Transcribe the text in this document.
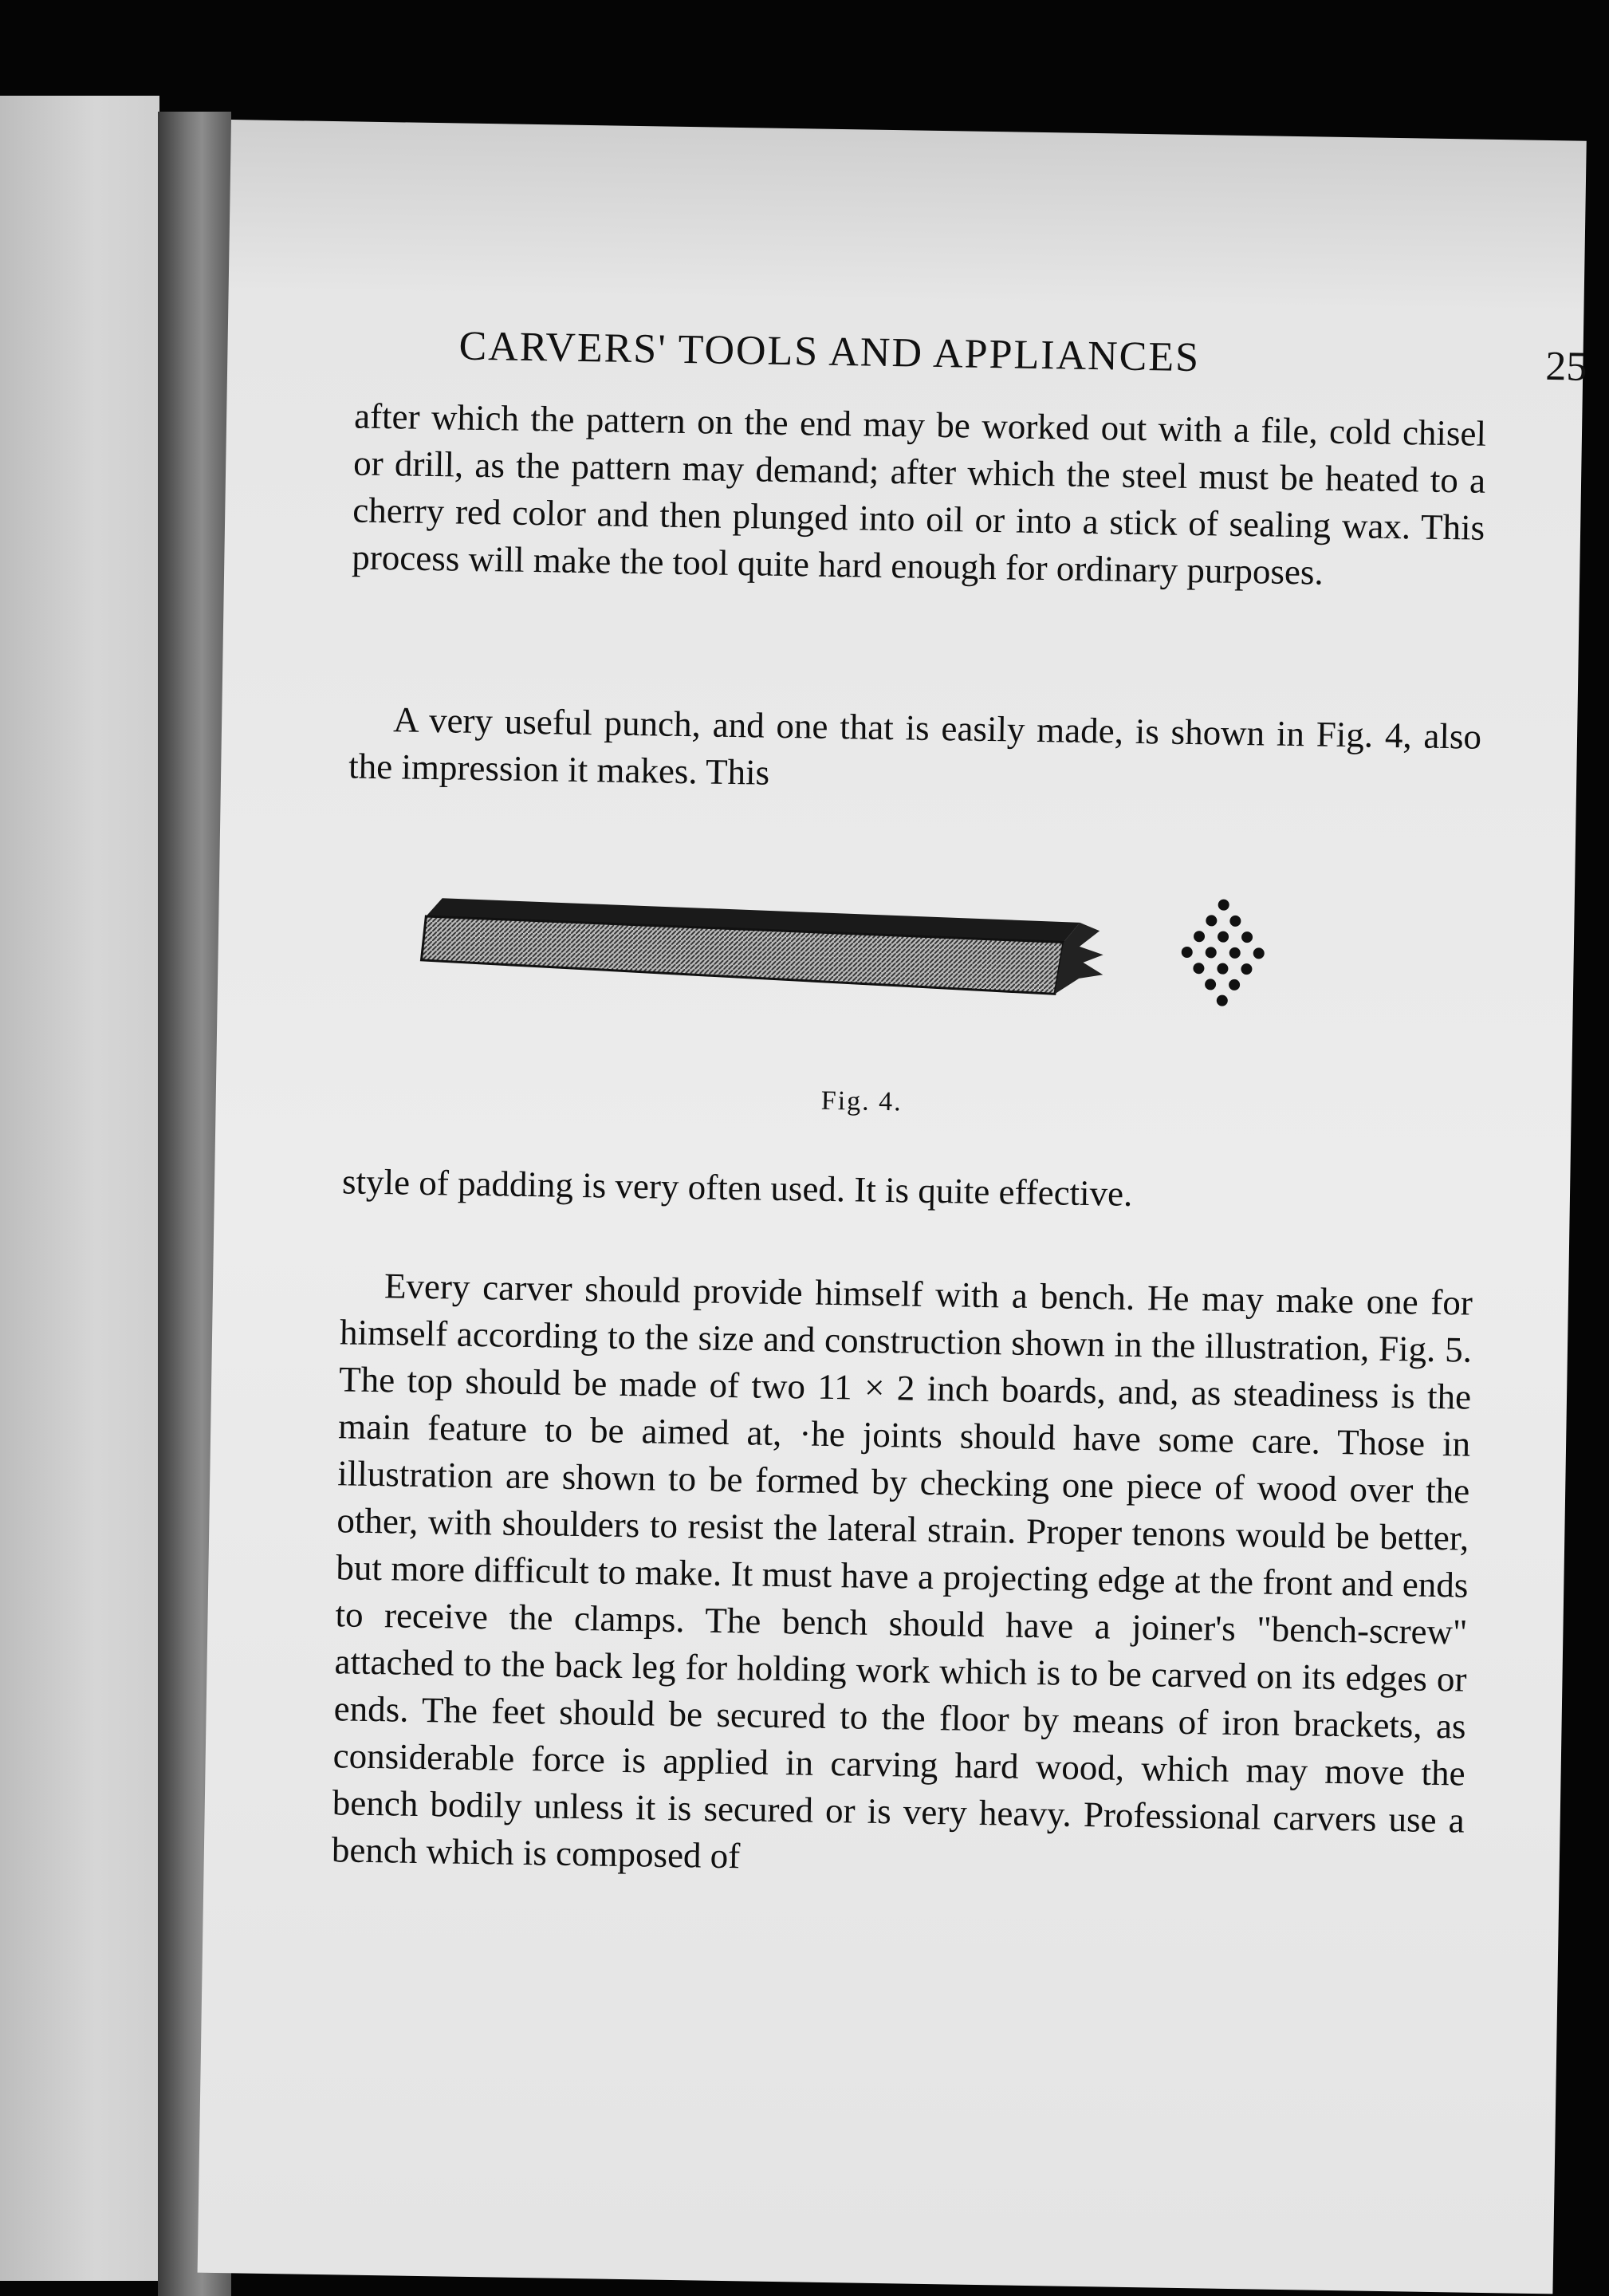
CARVERS' TOOLS AND APPLIANCES	25

after which the pattern on the end may be worked out with a file, cold chisel or drill, as the pattern may demand; after which the steel must be heated to a cherry red color and then plunged into oil or into a stick of sealing wax. This process will make the tool quite hard enough for ordinary purposes.

A very useful punch, and one that is easily made, is shown in Fig. 4, also the impression it makes. This

Fig. 4.

style of padding is very often used. It is quite effective.

Every carver should provide himself with a bench. He may make one for himself according to the size and construction shown in the illustration, Fig. 5. The top should be made of two 11 × 2 inch boards, and, as steadiness is the main feature to be aimed at, ·he joints should have some care. Those in illustration are shown to be formed by checking one piece of wood over the other, with shoulders to resist the lateral strain. Proper tenons would be better, but more difficult to make. It must have a projecting edge at the front and ends to receive the clamps. The bench should have a joiner's "bench-screw" attached to the back leg for holding work which is to be carved on its edges or ends. The feet should be secured to the floor by means of iron brackets, as considerable force is applied in carving hard wood, which may move the bench bodily unless it is secured or is very heavy. Professional carvers use a bench which is composed of
